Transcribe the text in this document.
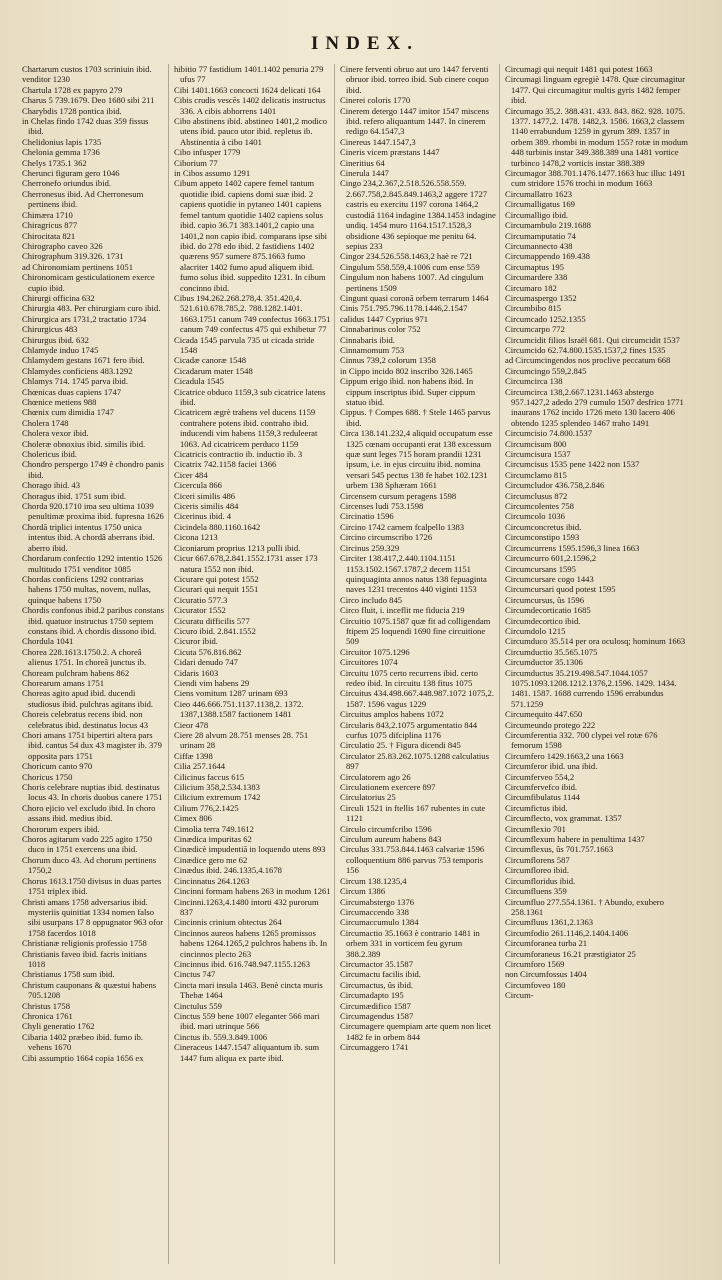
INDEX.

Chartarum custos 1703 scriniuin ibid.

venditor 1230

Chartula 1728 ex papyro 279

Charus 5 739.1679. Deo 1680 sibi 211

Charybdis 1728 pontica ibid.

in Chelas findo 1742 duas 359 fissus ibid.

Chelidonius lapis 1735

Chelonia gemma 1736

Chelys 1735.1 362

Cherunci figuram gero 1046

Cherronefo oriundus ibid.

Cherronesus ibid. Ad Cherronesum pertinens ibid.

Chimæra 1710

Chiragricus 877

Chirocitata 821

Chirographo caveo 326

Chirographum 319.326. 1731

ad Chironomiam pertinens 1051

Chironomicam gesticulationem exerce cupio ibid.

Chirurgi officina 632

Chirurgia 483. Per chirurgiam curo ibid.

Chirurgica ars 1731,2 tractatio 1734

Chirurgicus 483

Chirurgus ibid. 632

Chlamyde induo 1745

Chlamydem gestans 1671 fero ibid.

Chlamydes conficiens 483.1292

Chlamys 714. 1745 parva ibid.

Chœnicas duas capiens 1747

Chœnice metiens 988

Chœnix cum dimidia 1747

Cholera 1748

Cholera vexor ibid.

Choleræ obnoxius ibid. similis ibid.

Cholericus ibid.

Chondro perspergo 1749 è chondro panis ibid.

Chorago ibid. 43

Choragus ibid. 1751 sum ibid.

Chorda 920.1710 ima seu ultima 1039 penultimæ proxima ibid. fupresna 1626

Chordā triplici intentus 1750 unica intentus ibid. A chordâ aberrans ibid. aberro ibid.

Chordarum confectio 1292 intentio 1526 multitudo 1751 venditor 1085

Chordas conficiens 1292 contrarias habens 1750 multas, novem, nullas, quinque habens 1750

Chordis confonus ibid.2 paribus constans ibid. quatuor instructus 1750 septem constans ibid. A chordis dissono ibid.

Chordula 1041

Chorea 228.1613.1750.2. A choreâ alienus 1751. In choreâ junctus ib.

Choream pulchram habens 862

Chorearum amans 1751

Choreas agito apud ibid. ducendi studiosus ibid. pulchras agitans ibid.

Choreis celebratus recens ibid. non celebratus ibid. destinatus locus 43

Chori amans 1751 bipertiri altera pars ibid. cantus 54 dux 43 magister ib. 379 opposita pars 1751

Choricum canto 970

Choricus 1750

Choris celebrare nuptias ibid. destinatus locus 43. In choris duobus canere 1751

Choro ejicio vel excludo ibid. In choro assans ibid. medius ibid.

Chororum expers ibid.

Choros agitarum vado 225 agito 1750 duco in 1751 exercens una ibid.

Chorum duco 43. Ad chorum pertinens 1750,2

Chorus 1613.1750 divisus in duas partes 1751 triplex ibid.

Christi amans 1758 adversarius ibid. mysteriis quinitiat 1334 nomen falso sibi usurpans 17 8 oppugnator 963 ofor 1758 facerdos 1018

Christianæ religionis professio 1758

Christianis faveo ibid. facris initians 1018

Christianus 1758 sum ibid.

Christum cauponans & quæstui habens 705.1208

Christus 1758

Chronica 1761

Chyli generatio 1762

Cibaria 1402 præbeo ibid. fumo ib. vehens 1670

Cibi assumptio 1664 copia 1656 ex

hibitio 77 fastidium 1401.1402 penuria 279 ufus 77

Cibi 1401.1663 concocti 1624 delicati 164

Cibis crudis vescēs 1402 delicatis instructus 336. A cibis abhorrens 1401

Cibo abstinens ibid. abstineo 1401,2 modico utens ibid. pauco utor ibid. repletus ib. Abstinentia à cibo 1401

Cibo infusper 1779

Ciborium 77

in Cibos assumo 1291

Cibum appeto 1402 capere femel tantum quotidie ibid. capiens domi suæ ibid. 2 capiens quotidie in pytaneo 1401 capiens femel tantum quotidie 1402 capiens solus ibid. capio 36.71 383.1401,2 capio una 1401,2 non capio ibid. comparans ipse sibi ibid. do 278 edo ibid. 2 fastidiens 1402 quærens 957 sumere 875.1663 fumo alacriter 1402 fumo apud aliquem ibid. fumo solus ibid. suppedito 1231. In cibum concinno ibid.

Cibus 194.262.268.278,4. 351.420,4. 521.610.678.785,2. 788.1282.1401. 1663.1751 canum 749 confectus 1663.1751 canum 749 confectus 475 qui exhibetur 77

Cicada 1545 parvula 735 ut cicada stride 1548

Cicadæ canoræ 1548

Cicadarum mater 1548

Cicadula 1545

Cicatrice obduco 1159,3 sub cicatrice latens ibid.

Cicatricem ægrè trahens vel ducens 1159 contrahere potens ibid. contraho ibid. inducendi vim habens 1159,3 reduleerat 1063. Ad cicatricem perduco 1159

Cicatricis contractio ib. inductio ib. 3

Cicatrix 742.1158 faciei 1366

Cicer 484

Cicercula 866

Ciceri similis 486

Ciceris similis 484

Cicerinus ibid. 4

Cicindela 880.1160.1642

Cicona 1213

Ciconiarum proprius 1213 pulli ibid.

Cicur 667.678,2.841.1552.1731 asser 173 natura 1552 non ibid.

Cicurare qui potest 1552

Cicurari qui nequit 1551

Cicuratio 577.3

Cicurator 1552

Cicuratu difficilis 577

Cicuro ibid. 2.841.1552

Cicuror ibid.

Cicuta 576.816.862

Cidari denudo 747

Cidaris 1603

Ciendi vim habens 29

Ciens vomitum 1287 urinam 693

Cieo 446.666.751.1137.1138,2. 1372. 1387,1388.1587 factionem 1481

Cieor 478

Ciere 28 alvum 28.751 menses 28. 751 urinam 28

Ciffæ 1398

Cilia 257.1644

Cilicinus faccus 615

Cilicium 358,2.534.1383

Cilicium extremum 1742

Cilium 776,2.1425

Cimex 806

Cimolia terra 749.1612

Cinædica impuritas 62

Cinædicè impudentiā in loquendo utens 893

Cinædice gero me 62

Cinædus ibid. 246.1335,4.1678

Cincinnatus 264.1263

Cincinni formam habens 263 in modum 1261

Cincinni.1263,4.1480 intorti 432 purorum 837

Cincinnis crinium obtectus 264

Cincinnos aureos habens 1265 promissos habens 1264.1265,2 pulchros habens ib. In cincinnos plecto 263

Cincinnus ibid. 616.748.947.1155.1263

Cinctus 747

Cincta mari insula 1463. Benè cincta muris Thebæ 1464

Cinctulus 559

Cinctus 559 bene 1007 eleganter 566 mari ibid. mari utrinque 566

Cinctus ib. 559.3.849.1006

Cineraceus 1447.1547 aliquantum ib. sum 1447 fum aliqua ex parte ibid.

Cinere ferventi obruo aut uro 1447 ferventi obruor ibid. torreo ibid. Sub cinere coquo ibid.

Cinerei coloris 1770

Cinerem detergo 1447 imitor 1547 miscens ibid. refero aliquantum 1447. In cinerem redigo 64.1547,3

Cinereus 1447.1547,3

Cineris vicem præstans 1447

Cineritius 64

Cinerula 1447

Cingo 234,2.367,2.518.526.558.559. 2.667.758,2.845.849.1463,2 aggere 1727 castris eu exercitu 1197 corona 1464,2 custodiā 1164 indagine 1384.1453 indagine undiq. 1454 muro 1164.1517.1528,3 obsidione 436 sepioque me penitu 64. sepius 233

Cingor 234.526.558.1463,2 haè re 721

Cingulum 558.559,4.1006 cum ense 559

Cingulum non habens 1007. Ad cingulum pertinens 1509

Cingunt quasi coronā orbem terrarum 1464

Cinis 751.795.796.1178.1446,2.1547

calidus 1447 Cyprius 971

Cinnabarinus color 752

Cinnabaris ibid.

Cinnamomum 753

Cinnus 739,2 colorum 1358

in Cippo incido 802 inscribo 326.1465

Cippum erigo ibid. non habens ibid. In cippum inscriptus ibid. Super cippum statuo ibid.

Cippus. † Compes 688. † Stele 1465 parvus ibid.

Circa 138.141.232,4 aliquid occupatum esse 1325 cœnam occupanti erat 138 excessum quæ sunt leges 715 horam prandii 1231 ipsum, i.e. in ejus circuitu ibid. nomina versari 545 pectus 138 fe habet 102.1231 urbem 138 Sphæram 1661

Circensem cursum peragens 1598

Circenses ludi 753.1598

Circinatio 1596

Circino 1742 carnem fcalpello 1383

Circino circumscribo 1726

Circinus 259.329

Circiter 138.417,2.440.1104.1151 1153.1502.1567.1787,2 decem 1151 quinquaginta annos natus 138 fepuaginta naves 1231 trecentos 440 viginti 1153

Circo includo 845

Circo fluit, i. inceflit me fiducia 219

Circuitio 1075.1587 quæ fit ad colligendam ftipem 25 loquendi 1690 fine circuitione 509

Circuitor 1075.1296

Circuitores 1074

Circuitu 1075 certo recurrens ibid. certo redeo ibid. In circuitu 138 fitus 1075

Circuitus 434.498.667.448.987.1072 1075,2. 1587. 1596 vagus 1229

Circuitus amplos habens 1072

Circularis 843,2.1075 argumentatio 844 curfus 1075 difciplina 1176

Circulatio 25. † Figura dicendi 845

Circulator 25.83.262.1075.1288 calculatius 897

Circulatorem ago 26

Circulationem exercere 897

Circulatorius 25

Circuli 1521 in ftellis 167 rubentes in cute 1121

Circulo circumfcribo 1596

Circulum aureum habens 843

Circulus 331.753.844.1463 calvariæ 1596 colloquentium 886 parvus 753 temporis 156

Circum 138.1235,4

Circum 1386

Circumabstergo 1376

Circumaccendo 338

Circumaccumulo 1384

Circumactio 35.1663 è contrario 1481 in orbem 331 in vorticem feu gyrum 388.2.389

Circumactor 35.1587

Circumactu facilis ibid.

Circumactus, ûs ibid.

Circumadapto 195

Circumædifico 1587

Circumagendus 1587

Circumagere quempiam arte quem non licet 1482 fe in orbem 844

Circumaggero 1741

Circumagi qui nequit 1481 qui potest 1663

Circumagi linguam egregiè 1478. Quæ circumagitur 1477. Qui circumagitur multis gyris 1482 femper ibid.

Circumago 35,2. 388.431. 433. 843. 862. 928. 1075. 1377. 1477,2. 1478. 1482,3. 1586. 1663,2 classem 1140 errabundum 1259 in gyrum 389. 1357 in orbem 389. rhombi in modum 155? rotæ in modum 448 turbinis instar 349.388.389 una 1481 vortice turbinco 1478,2 vorticis instar 388.389

Circumagor 388.701.1476.1477.1663 huc illuc 1491 cum stridore 1576 trochi in modum 1663

Circumallatro 1623

Circumalligatus 169

Circumalligo ibid.

Circumambulo 219.1688

Circumamputatio 74

Circumannecto 438

Circumappendo 169.438

Circumaptus 195

Circumardere 338

Circumaro 182

Circumaspergo 1352

Circumbibo 815

Circumcado 1252.1355

Circumcarpo 772

Circumcidit filios Israël 681. Qui circumcidit 1537

Circumcido 62.74.800.1535.1537,2 fines 1535

ad Circumcingendos nos proclive peccatum 668

Circumcingo 559,2.845

Circumcirca 138

Circumcirca 138,2.667.1231.1463 abstergo 957.1427,2 adedo 279 cumulo 1507 desfrico 1771 inaurans 1762 incido 1726 meto 130 lacero 406 obtendo 1235 splendeo 1467 traho 1491

Circumcisio 74.800.1537

Circumcisum 800

Circumcisura 1537

Circumcisus 1535 pene 1422 non 1537

Circumclamo 815

Circumcludor 436.758,2.846

Circumclusus 872

Circumcolentes 758

Circumcolo 1036

Circumconcretus ibid.

Circumconstipo 1593

Circumcurrens 1595.1596,3 linea 1663

Circumcurro 601,2.1596,2

Circumcursans 1595

Circumcursare cogo 1443

Circumcursari quod potest 1595

Circumcursus, ûs 1596

Circumdecorticatio 1685

Circumdecortico ibid.

Circumdolo 1215

Circumduco 35.514 per ora oculosq; hominum 1663

Circumductio 35.565.1075

Circumductor 35.1306

Circumductus 35.219.498.547.1044.1057 1075.1093.1208.1212.1376,2.1596. 1429. 1434. 1481. 1587. 1688 currendo 1596 errabundus 571.1259

Circumequito 447.650

Circumeundo protego 222

Circumferentia 332. 700 clypei vel rotæ 676 femorum 1598

Circumfero 1429.1663,2 una 1663

Circumferor ibid. una ibid.

Circumferveo 554,2

Circumfervefco ibid.

Circumfibulatus 1144

Circumfictus ibid.

Circumflecto, vox grammat. 1357

Circumflexio 701

Circumflexum habere in penultima 1437

Circumflexus, ûs 701.757.1663

Circumflorens 587

Circumfloreo ibid.

Circumfloridus ibid.

Circumfluens 359

Circumfluo 277.554.1361. † Abundo, exubero 258.1361

Circumfluus 1361,2.1363

Circumfodio 261.1146,2.1404.1406

Circumforanea turba 21

Circumforaneus 16.21 præstigiator 25

Circumforo 1569

non Circumfossus 1404

Circumfoveo 180

Circum-
